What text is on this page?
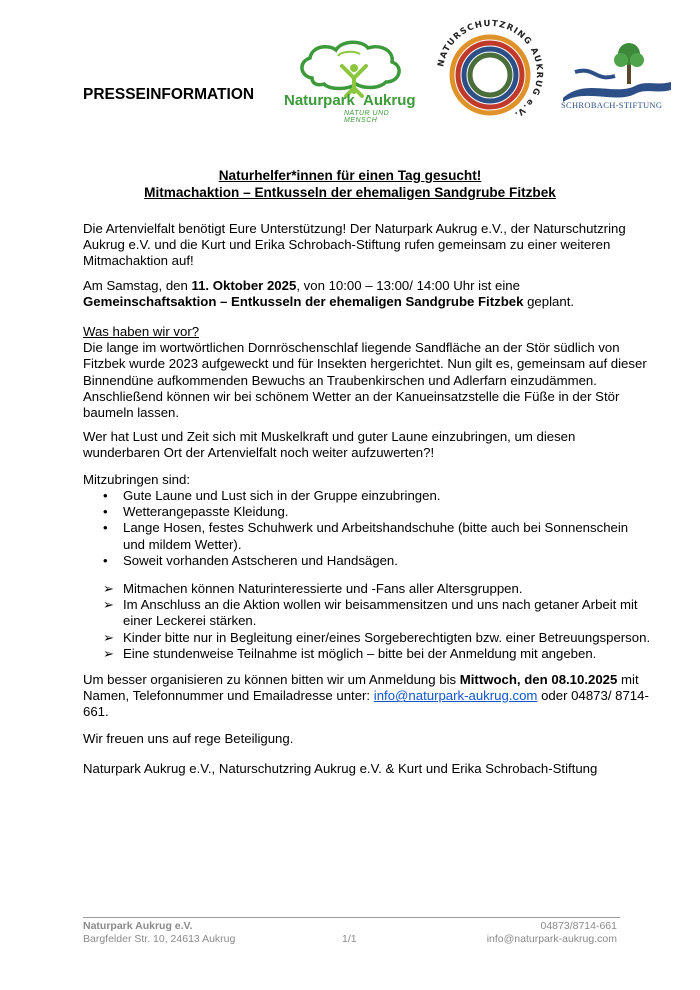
PRESSEINFORMATION Naturpark Aukrug
NATUR UND MENSCH
NATURSCHUTZRING AUKRUG e.V.
SCHROBACH-STIFTUNG
Naturhelfer*innen für einen Tag gesucht!
Mitmachaktion – Entkusseln der ehemaligen Sandgrube Fitzbek

Die Artenvielfalt benötigt Eure Unterstützung! Der Naturpark Aukrug e.V., der Naturschutzring Aukrug e.V. und die Kurt und Erika Schrobach-Stiftung rufen gemeinsam zu einer weiteren Mitmachaktion auf!

Am Samstag, den 11. Oktober 2025, von 10:00 – 13:00/ 14:00 Uhr ist eine Gemeinschaftsaktion – Entkusseln der ehemaligen Sandgrube Fitzbek geplant.

Was haben wir vor?

Die lange im wortwörtlichen Dornröschenschlaf liegende Sandfläche an der Stör südlich von Fitzbek wurde 2023 aufgeweckt und für Insekten hergerichtet. Nun gilt es, gemeinsam auf dieser Binnendüne aufkommenden Bewuchs an Traubenkirschen und Adlerfarn einzudämmen. Anschließend können wir bei schönem Wetter an der Kanueinsatzstelle die Füße in der Stör baumeln lassen.

Wer hat Lust und Zeit sich mit Muskelkraft und guter Laune einzubringen, um diesen wunderbaren Ort der Artenvielfalt noch weiter aufzuwerten?!

Mitzubringen sind:

• Gute Laune und Lust sich in der Gruppe einzubringen.
• Wetterangepasste Kleidung.
• Lange Hosen, festes Schuhwerk und Arbeitshandschuhe (bitte auch bei Sonnenschein und mildem Wetter).
• Soweit vorhanden Astscheren und Handsägen.
➢ Mitmachen können Naturinteressierte und -Fans aller Altersgruppen.
➢ Im Anschluss an die Aktion wollen wir beisammensitzen und uns nach getaner Arbeit mit einer Leckerei stärken.
➢ Kinder bitte nur in Begleitung einer/eines Sorgeberechtigten bzw. einer Betreuungsperson.
➢ Eine stundenweise Teilnahme ist möglich – bitte bei der Anmeldung mit angeben.

Um besser organisieren zu können bitten wir um Anmeldung bis Mittwoch, den 08.10.2025 mit Namen, Telefonnummer und Emailadresse unter: info@naturpark-aukrug.com oder 04873/ 8714-661.

Wir freuen uns auf rege Beteiligung.

Naturpark Aukrug e.V., Naturschutzring Aukrug e.V. & Kurt und Erika Schrobach-Stiftung

Naturpark Aukrug e.V.
Bargfelder Str. 10, 24613 Aukrug	1/1
04873/8714-661
info@naturpark-aukrug.com
